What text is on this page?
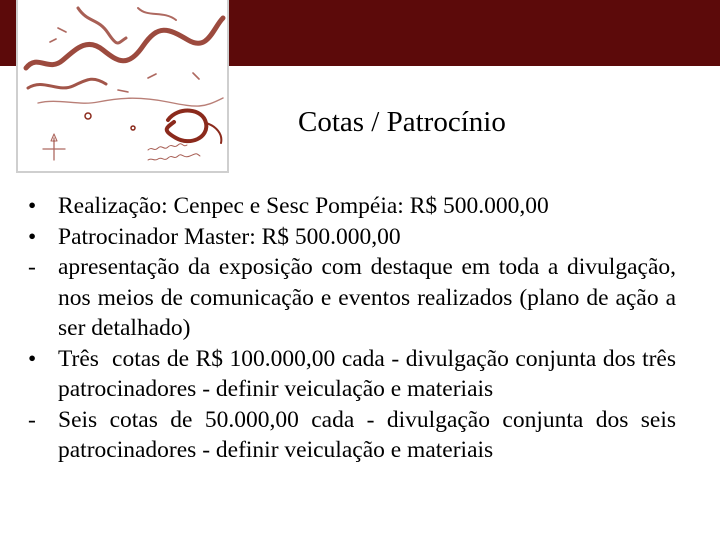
Cotas / Patrocínio
• Realização: Cenpec e Sesc Pompéia: R$ 500.000,00
• Patrocinador Master: R$ 500.000,00
- apresentação da exposição com destaque em toda a divulgação, nos meios de comunicação e eventos realizados (plano de ação a ser detalhado)
• Três  cotas de R$ 100.000,00 cada - divulgação conjunta dos três patrocinadores - definir veiculação e materiais
- Seis cotas de 50.000,00 cada - divulgação conjunta dos seis patrocinadores - definir veiculação e materiais
